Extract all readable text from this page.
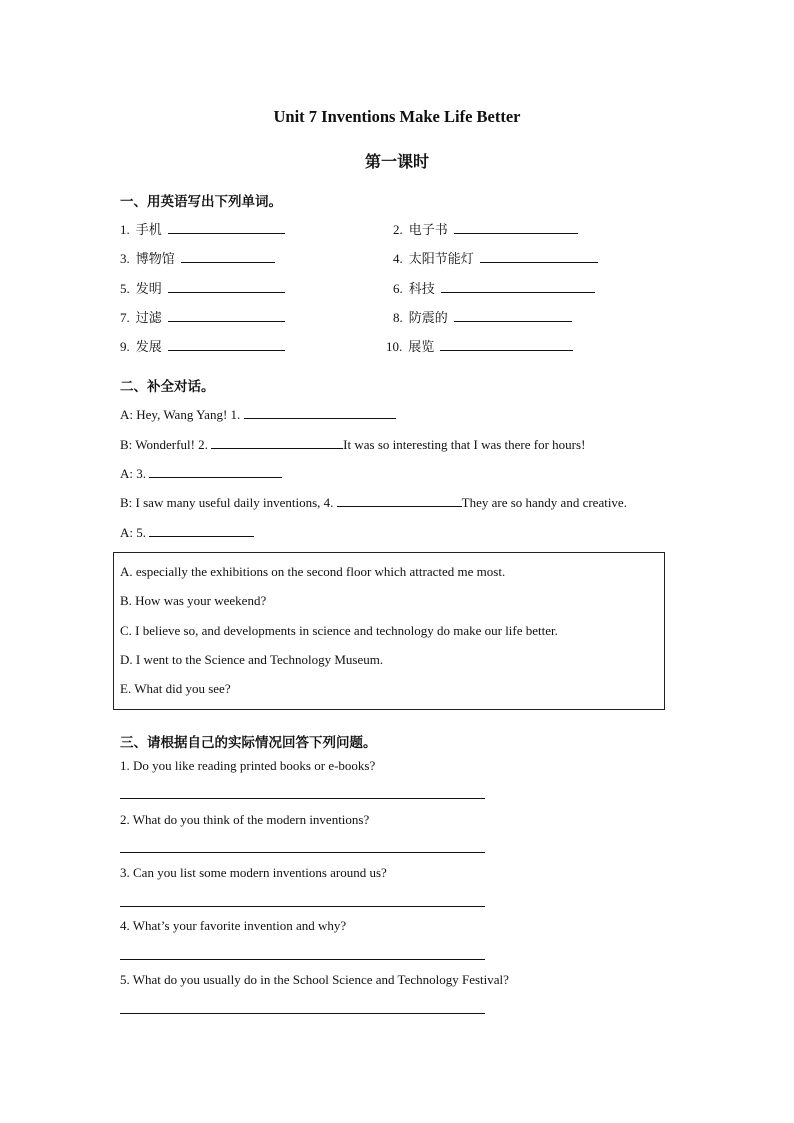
Unit 7 Inventions Make Life Better
第一课时
一、用英语写出下列单词。
1. 手机	2. 电子书
3. 博物馆	4. 太阳节能灯
5. 发明	6. 科技
7. 过滤	8. 防震的
9. 发展	10. 展览
二、补全对话。
A: Hey, Wang Yang! 1.
B: Wonderful! 2.	It was so interesting that I was there for hours!
A: 3.
B: I saw many useful daily inventions, 4.	They are so handy and creative.
A: 5.
A. especially the exhibitions on the second floor which attracted me most.
B. How was your weekend?
C. I believe so, and developments in science and technology do make our life better.
D. I went to the Science and Technology Museum.
E. What did you see?
三、请根据自己的实际情况回答下列问题。
1. Do you like reading printed books or e-books?
2. What do you think of the modern inventions?
3. Can you list some modern inventions around us?
4. What’s your favorite invention and why?
5. What do you usually do in the School Science and Technology Festival?
